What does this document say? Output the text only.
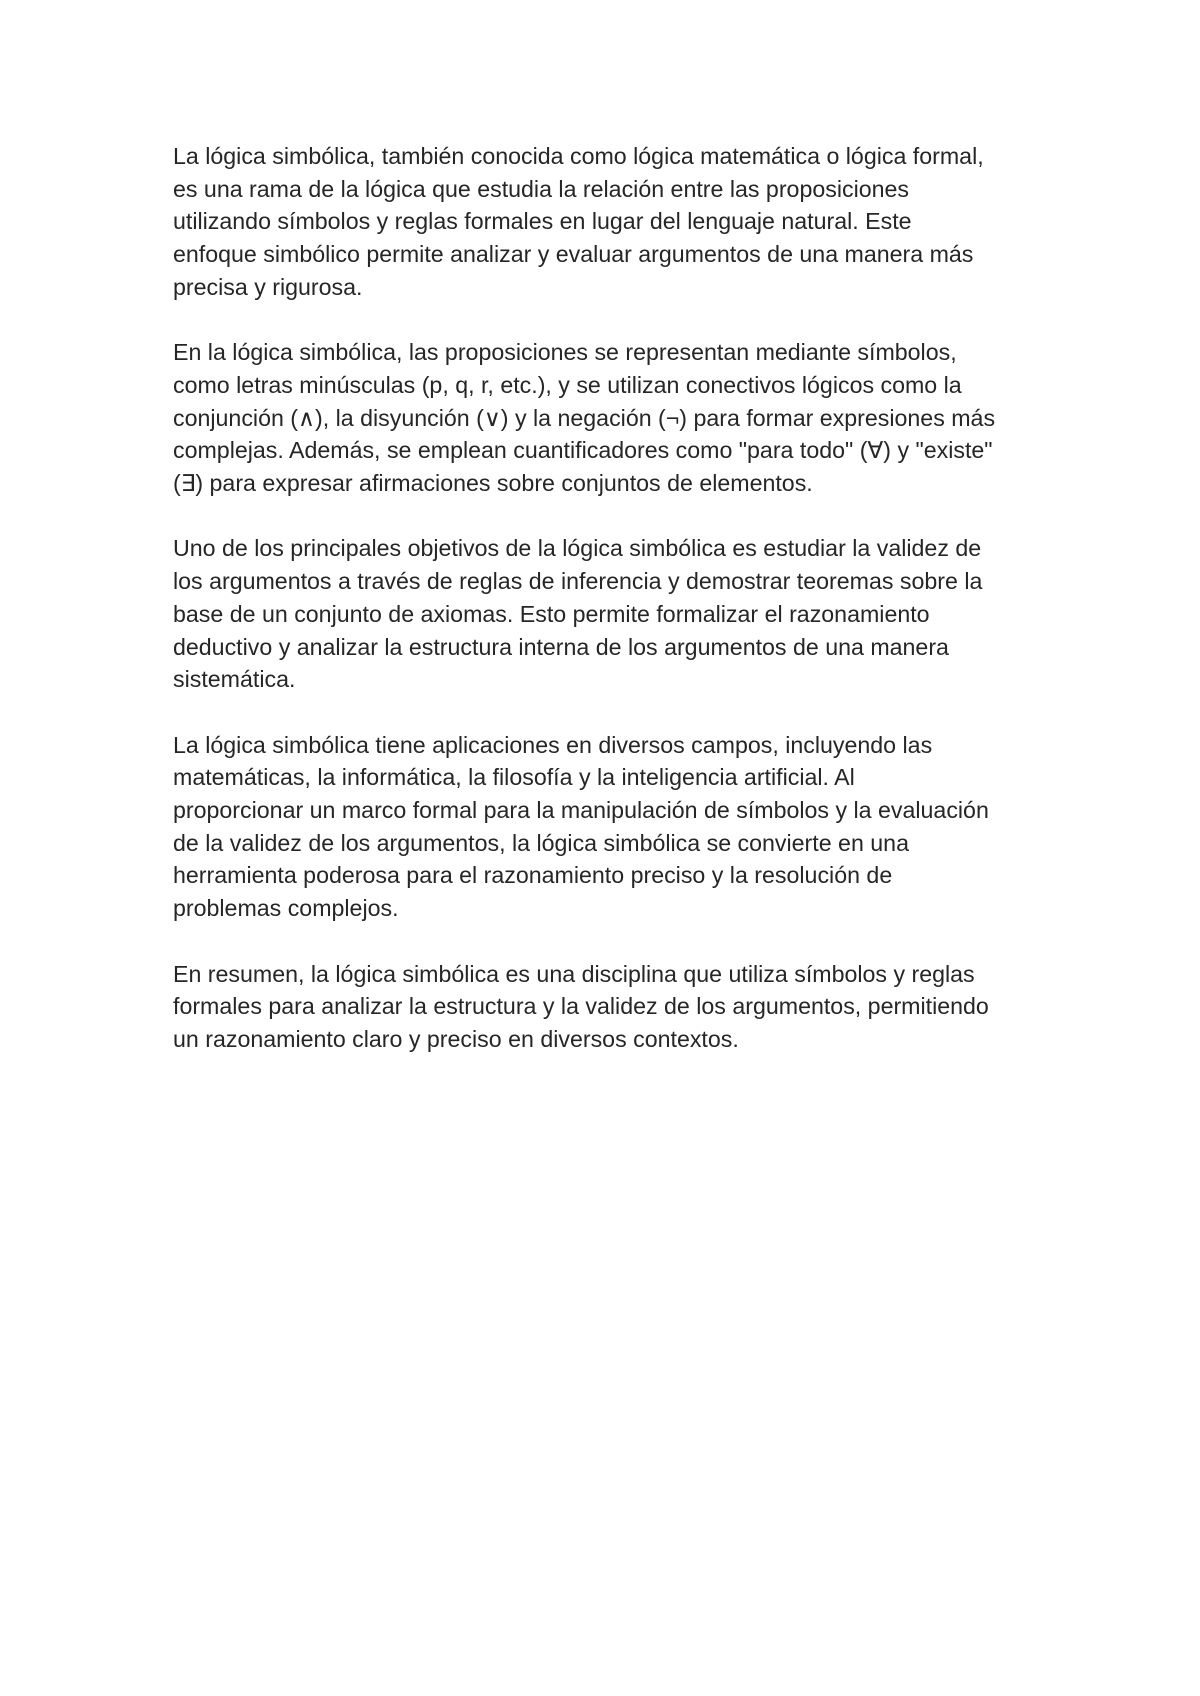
La lógica simbólica, también conocida como lógica matemática o lógica formal,
es una rama de la lógica que estudia la relación entre las proposiciones
utilizando símbolos y reglas formales en lugar del lenguaje natural. Este
enfoque simbólico permite analizar y evaluar argumentos de una manera más
precisa y rigurosa.

En la lógica simbólica, las proposiciones se representan mediante símbolos,
como letras minúsculas (p, q, r, etc.), y se utilizan conectivos lógicos como la
conjunción (∧), la disyunción (∨) y la negación (¬) para formar expresiones más
complejas. Además, se emplean cuantificadores como "para todo" (∀) y "existe"
(∃) para expresar afirmaciones sobre conjuntos de elementos.

Uno de los principales objetivos de la lógica simbólica es estudiar la validez de
los argumentos a través de reglas de inferencia y demostrar teoremas sobre la
base de un conjunto de axiomas. Esto permite formalizar el razonamiento
deductivo y analizar la estructura interna de los argumentos de una manera
sistemática.

La lógica simbólica tiene aplicaciones en diversos campos, incluyendo las
matemáticas, la informática, la filosofía y la inteligencia artificial. Al
proporcionar un marco formal para la manipulación de símbolos y la evaluación
de la validez de los argumentos, la lógica simbólica se convierte en una
herramienta poderosa para el razonamiento preciso y la resolución de
problemas complejos.

En resumen, la lógica simbólica es una disciplina que utiliza símbolos y reglas
formales para analizar la estructura y la validez de los argumentos, permitiendo
un razonamiento claro y preciso en diversos contextos.
